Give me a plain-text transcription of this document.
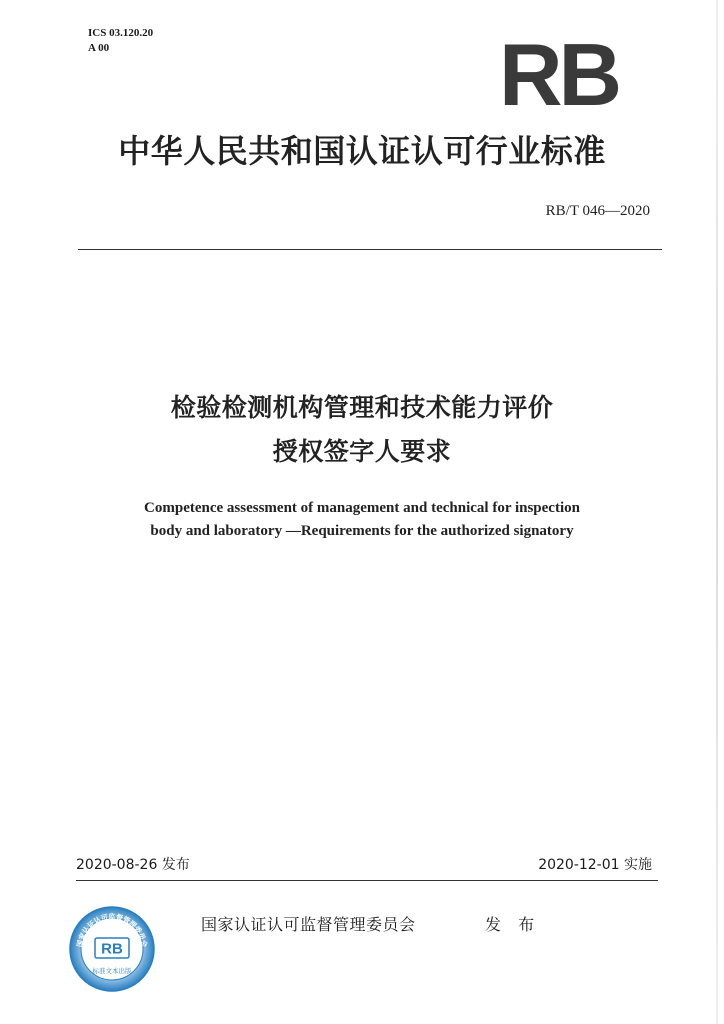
ICS 03.120.20
A 00	RB
中华人民共和国认证认可行业标准
RB/T 046—2020
检验检测机构管理和技术能力评价
授权签字人要求
Competence assessment of management and technical for inspection
body and laboratory —Requirements for the authorized signatory
2020-08-26 发布	2020-12-01 实施
国家认证认可监督管理委员会
RB
标准文本出版
国家认证认可监督管理委员会	发 布
